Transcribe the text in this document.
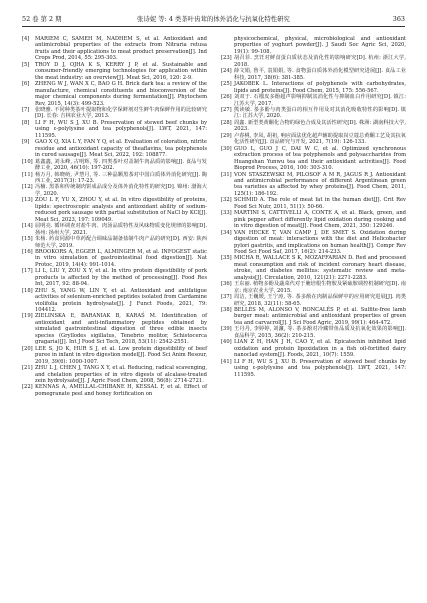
52 卷 第 2 期	张诗妮 等: 4 类茶叶齿茸的体外消化与抗氧化特性研究	363
[4]	MARIEM C, SAMEH M, NADHEM S, et al. Antioxidant and antimicrobial properties of the extracts from Nitraria retusa fruits and their applications to meat product preservation[J]. Ind Crops Prod, 2014, 55: 295-303.
[5]	TROY D J, OJHA K S, KERRY J P, et al. Sustainable and consumer-friendly emerging technologies for application within the meat industry: an overview[J]. Meat Sci, 2016, 120: 2-9.
[6]	ZHENG W J, WAN X C, BAO G H. Brick dark tea: a review of the manufacture, chemical constituents and bioconversion of the major chemical components during fermentation[J]. Phytochem Rev, 2015, 14(3): 499-523.
[7]	张晓雅. 不同种类茶叶提取物和化学保鲜剂对生鲜牛肉保鲜作用的比较研究[D]. 长春: 吉林农业大学, 2013.
[8]	LI F H, WU S J, XU B. Preservation of stewed beef chunks by using ε-polylysine and tea polyphenols[J]. LWT, 2021, 147: 111595.
[9]	GAO X Q, XIA L Y, FAN Y Q, et al. Evaluation of coloration, nitrite residue and antioxidant capacity of theaflavins, tea polyphenols in cured sausage[J]. Meat Sci, 2022, 192: 108877.
[10] 葛鑫鑫, 刘永峰, 古明辉, 等. 四类茶叶对盖制牛肉品质的影响[J]. 食品与发酵工业, 2020, 46(10): 197-202.
[11] 杨万月, 韩晓萌, 尹慧月, 等. 三种晶颗黑茶对中国白质体外消化研究[J]. 陶西工业, 2017(3): 17-23.
[12] 冯楠. 黑茶和传统制肉饼成品成分及体外消化特性的研究[D]. 锦州: 渤海大学, 2020.
[13] ZOU L F, YU X, ZHOU Y, et al. In vitro digestibility of proteins, lipids: spectroscopic analysis and antioxidant ability of sodium-reduced pork sausage with partial substitution of NaCl by KCl[J]. Meat Sci, 2023, 197: 109049.
[14] 屈明亮. 循环调查对盐牛肉、肉汤品质特性及风味物质变化规律的影响[D]. 扬州: 扬州大学, 2021.
[15] 朱杨. 药食同源中草药配合调味品制备盐制牛肉产品的研究[D]. 西安: 陕西师范大学, 2019.
[16] BROOKORS A, EGGER L, ALMINGER M, et al. INFOGEST static in vitro simulation of gastrointestinal food digestion[J]. Nat Protoc, 2019, 14(4): 991-1014.
[17] LI L, LIU Y, ZOU X Y, et al. In vitro protein digestibility of pork products is affected by the method of processing[J]. Food Res Int, 2017, 92: 88-94.
[18] ZHU S, YANG W, LIN Y, et al. Antioxidant and antifatigue activities of selenium-enriched peptides isolated from Cardamine violifolia protein hydrolysate[J]. J Funct Foods, 2021, 79: 104412.
[19] ZIELINSKA E, BARANIAK B, KARAŚ M. Identification of antioxidant and anti-inflammatory peptides obtained by simulated gastrointestinal digestion of three edible insects species (Gryllodes sigillatus, Tenebrio molitor, Schistocerca gragaria)[J]. Int J Food Sci Tech, 2018, 53(11): 2542-2551.
[20] LEE S, JO K, HUR S J, et al. Low protein digestibility of beef puree in infant in vitro digestion model[J]. Food Sci Anim Resour, 2019, 39(6): 1000-1007.
[21] ZHU L J, CHEN J, TANG X Y, et al. Reducing, radical scavenging, and chelation properties of in vitro digests of alcalase-treated zein hydrolysate[J]. J Agric Food Chem, 2008, 56(8): 2714-2721.
[22] KENNAS A, AMELLAL-CHIBANE H, KESSAL F, et al. Effect of pomegranate peel and honey fortification on

physicochemical, physical, microbiological and antioxidant properties of yoghurt powder[J]. J Saudi Soc Agric Sci, 2020, 19(1): 99-108.

[23] 胡召菲. 烹饪对鲜食蛋白质状态及消化性的影响研究[D]. 杭州: 浙江大学, 2018.
[24] 薛文娟, 鲁平, 袁娟娟, 等. 食物蛋白质体外消化模型研究进展[J]. 食品工业科技, 2017, 38(6): 381-385.
[25] JAKOBEK L. Interactions of polyphenols with carbohydrates, lipids and proteins[J]. Food Chem, 2015, 175: 556-567.
[26] 刘双于. 石榴皮多酚超声影响抑制其消化性与抑制血白作用研究[D]. 镇江: 江苏大学, 2017.
[27] 熊读敏. 茶多酚与肉类蛋白的相互作用及对其消化吸收特性的影响[D]. 镇江: 江苏大学, 2020.
[28] 周鑫. 新型类黄酮化合物的绿色合成及其活性研究[D]. 株洲: 湖南科技大学, 2023.
[29] 卢春桃, 李凤, 胡祖, 响应面法优化超声辅助提取岗豆蔻总黄酮工艺及其抗氧化活性研究[J]. 食品研究与开发, 2021, 7(19): 126-133.
[30] GUO L, GUO J C, DAI W C, et al. Optimized synchronous extraction process of tea polyphenols and polysaccharides from Huangshan Yunwu tea and their antioxidant activities[J]. Food Bioprod Process, 2016, 100: 303-310.
[31] VON STASZEWSKI M, PILOSOF A M R, JAGUS R J. Antioxidant and antimicrobial performance of different Argentinean green tea varieties as affected by whey proteins[J]. Food Chem, 2011, 125(1): 186-192.
[32] SCHMID A. The role of meat fat in the human diet[J]. Crit Rev Food Sci Nutr, 2011, 51(1): 50-66.
[33] MARTINI S, CATTIVELLI A, CONTE A, et al. Black, green, and pink pepper affect differently lipid oxidation during cooking and in vitro digestion of meat[J]. Food Chem, 2021, 350: 129246.
[34] VAN HECKE T, VAN CAMP J, DE SMET S. Oxidation during digestion of meat: interactions with the diet and Helicobacter pylori gastritis, and implications on human health[J]. Compr Rev Food Sci Food Saf, 2017, 16(2): 214-233.
[35] MICHA R, WALLACE S K, MOZAFFARIAN D. Red and processed meat consumption and risk of incident coronary heart disease, stroke, and diabetes mellitus: systematic review and meta-analysis[J]. Circulation, 2010, 121(21): 2271-2283.
[36] 王东丽. 植物多酚及蔬菜代对于腌培根生物胺及紧硫胺调控机制研究[D]. 南京: 南京农业大学, 2015.
[37] 周洁, 王巍媛, 王宁涛, 等. 茶多酚在肉制品保鲜中的应用研究进展[J]. 肉类研究, 2018, 32(11): 58-65.
[38] BELLÉS M, ALONSO V, RONCALÉS P, et al. Sulfite-free lamb burger meat: antimicrobial and antioxidant properties of green tea and carvacrol[J]. J Sci Food Agric, 2019, 99(1): 464-472.
[39] 王丹丹, 李婷婷, 刘濂, 等. 茶多酚对冷藏带鱼品质及抗氧化效果的影响[J]. 食品科学, 2015, 36(2): 210-215.
[40] LIAN Z H, HAN J H, CAO Y, et al. Epicatechin inhibited lipid oxidation and protein lipoxidation in a fish oil-fortified dairy nanoclad system[J]. Foods, 2021, 10(7): 1559.
[41] LI F H, WU S J, XU B. Preservation of stewed beef chunks by using ε-polylysine and tea polyphenols[J]. LWT, 2021, 147: 111595.
